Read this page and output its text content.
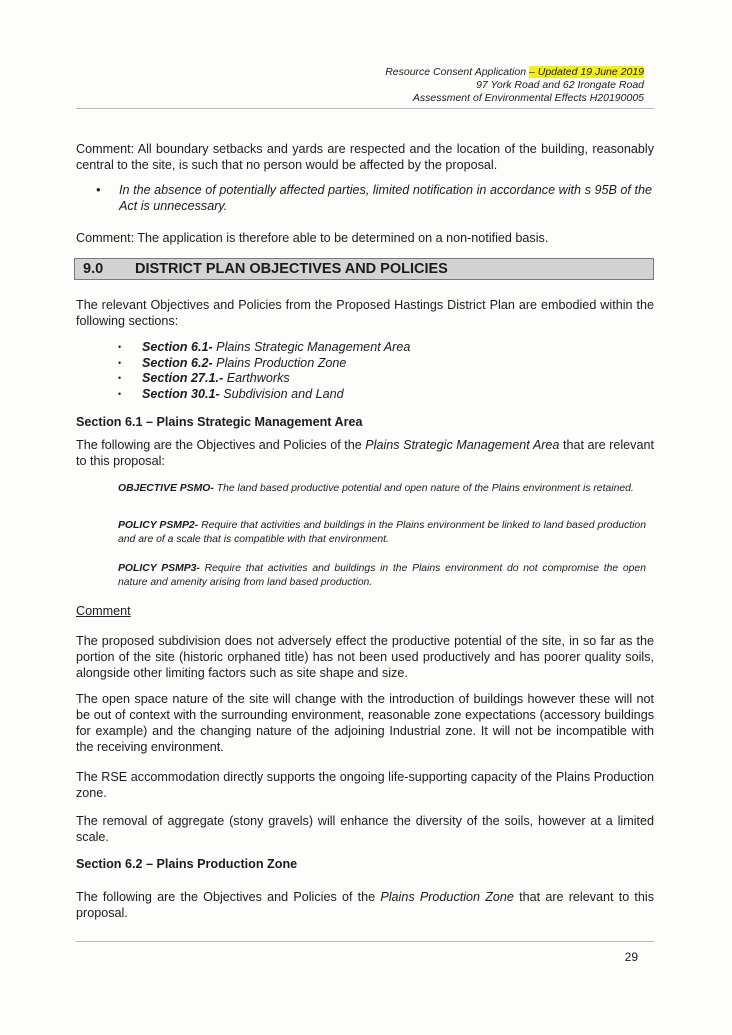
Resource Consent Application – Updated 19 June 2019
97 York Road and 62 Irongate Road
Assessment of Environmental Effects H20190005

Comment: All boundary setbacks and yards are respected and the location of the building, reasonably central to the site, is such that no person would be affected by the proposal.

• In the absence of potentially affected parties, limited notification in accordance with s 95B of the Act is unnecessary.

Comment: The application is therefore able to be determined on a non-notified basis.

9.0 DISTRICT PLAN OBJECTIVES AND POLICIES

The relevant Objectives and Policies from the Proposed Hastings District Plan are embodied within the following sections:

• Section 6.1- Plains Strategic Management Area
• Section 6.2- Plains Production Zone
• Section 27.1.- Earthworks
• Section 30.1- Subdivision and Land
Section 6.1 – Plains Strategic Management Area

The following are the Objectives and Policies of the Plains Strategic Management Area that are relevant to this proposal:

OBJECTIVE PSMO- The land based productive potential and open nature of the Plains environment is retained.
POLICY PSMP2- Require that activities and buildings in the Plains environment be linked to land based production and are of a scale that is compatible with that environment.
POLICY PSMP3- Require that activities and buildings in the Plains environment do not compromise the open nature and amenity arising from land based production.
Comment

The proposed subdivision does not adversely effect the productive potential of the site, in so far as the portion of the site (historic orphaned title) has not been used productively and has poorer quality soils, alongside other limiting factors such as site shape and size.

The open space nature of the site will change with the introduction of buildings however these will not be out of context with the surrounding environment, reasonable zone expectations (accessory buildings for example) and the changing nature of the adjoining Industrial zone. It will not be incompatible with the receiving environment.

The RSE accommodation directly supports the ongoing life-supporting capacity of the Plains Production zone.

The removal of aggregate (stony gravels) will enhance the diversity of the soils, however at a limited scale.

Section 6.2 – Plains Production Zone

The following are the Objectives and Policies of the Plains Production Zone that are relevant to this proposal.

29
